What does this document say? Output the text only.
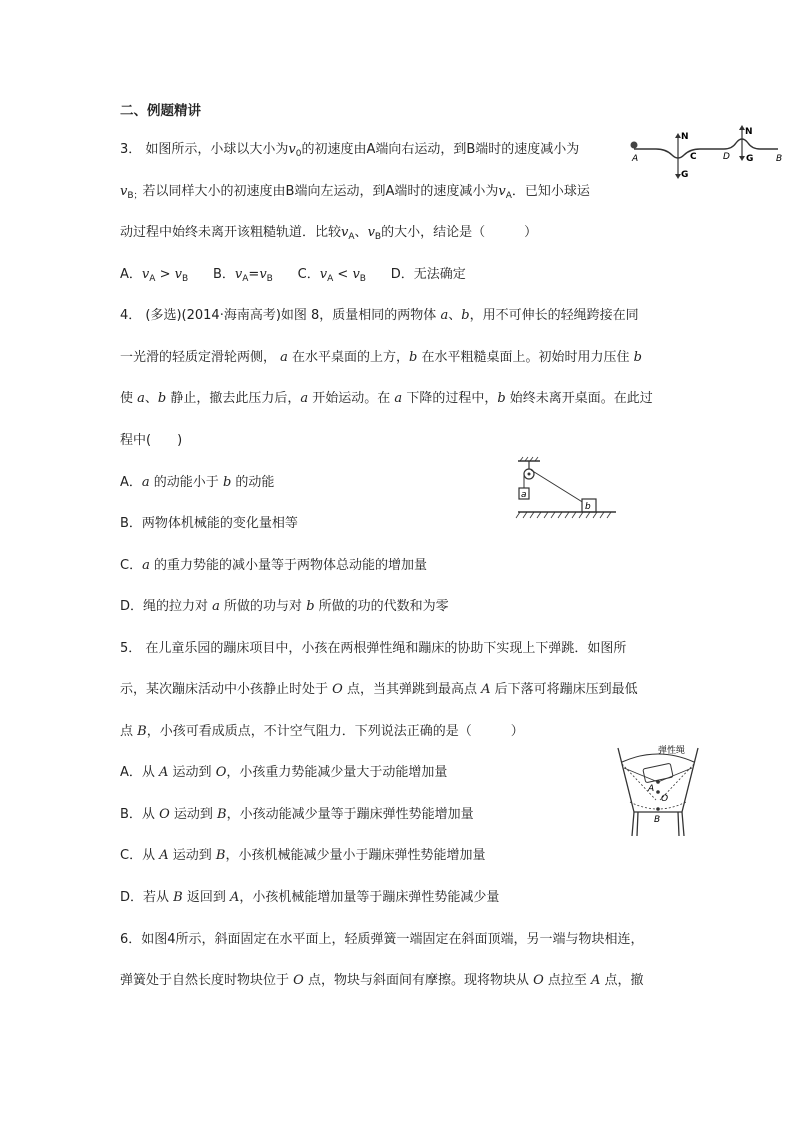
二、例题精讲
3． 如图所示，小球以大小为$v_0$的初速度由A端向右运动，到B端时的速度减小为
$v_{B;}$若以同样大小的初速度由B端向左运动，到A端时的速度减小为$v_A$．已知小球运
动过程中始终未离开该粗糙轨道．比较$v_A$、$v_B$的大小，结论是（　　　）
A．$v_A > v_B$ B．$v_A=v_B$ C．$v_A < v_B$ D．无法确定
A	B
C	D
N
G
N
G
4． (多选)(2014·海南高考)如图 8，质量相同的两物体 a、b，用不可伸长的轻绳跨接在同
一光滑的轻质定滑轮两侧， a 在水平桌面的上方，b 在水平粗糙桌面上。初始时用力压住 b
使 a、b 静止，撤去此压力后，a 开始运动。在 a 下降的过程中，b 始终未离开桌面。在此过
程中(　　)
A．a 的动能小于 b 的动能
B．两物体机械能的变化量相等
C．a 的重力势能的减小量等于两物体总动能的增加量
D．绳的拉力对 a 所做的功与对 b 所做的功的代数和为零
a
b
5． 在儿童乐园的蹦床项目中，小孩在两根弹性绳和蹦床的协助下实现上下弹跳．如图所
示，某次蹦床活动中小孩静止时处于 O 点，当其弹跳到最高点 A 后下落可将蹦床压到最低
点 B，小孩可看成质点，不计空气阻力．下列说法正确的是（　　　）
A．从 A 运动到 O，小孩重力势能减少量大于动能增加量
B．从 O 运动到 B，小孩动能减少量等于蹦床弹性势能增加量
C．从 A 运动到 B，小孩机械能减少量小于蹦床弹性势能增加量
D．若从 B 返回到 A，小孩机械能增加量等于蹦床弹性势能减少量
弹性绳
A
O
B
6．如图4所示，斜面固定在水平面上，轻质弹簧一端固定在斜面顶端，另一端与物块相连，
弹簧处于自然长度时物块位于 O 点，物块与斜面间有摩擦。现将物块从 O 点拉至 A 点，撤
